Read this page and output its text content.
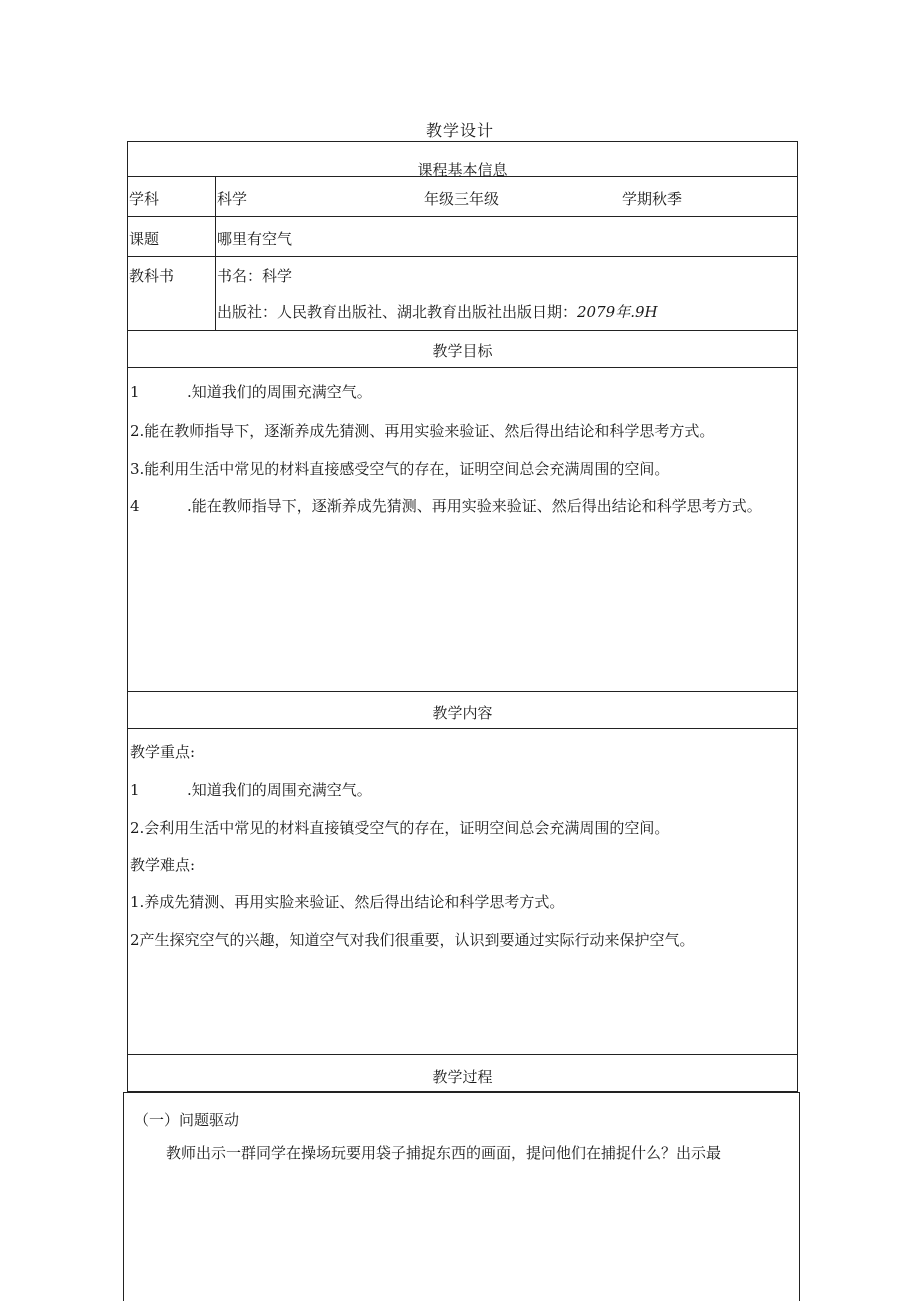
教学设计
课程基本信息
学科	科学	年级三年级	学期秋季
课题	哪里有空气
教科书	书名：科学
出版社：人民教育出版社、湖北教育出版社出版日期：2079年.9H
教学目标
1	.知道我们的周围充满空气。
2.能在教师指导下，逐渐养成先猜测、再用实验来验证、然后得出结论和科学思考方式。
3.能利用生活中常见的材料直接感受空气的存在，证明空间总会充满周围的空间。
4	.能在教师指导下，逐渐养成先猜测、再用实验来验证、然后得出结论和科学思考方式。
教学内容
教学重点:
1	.知道我们的周围充满空气。
2.会利用生活中常见的材料直接镇受空气的存在，证明空间总会充满周围的空间。
教学难点:
1.养成先猜测、再用实脸来验证、然后得出结论和科学思考方式。
2产生探究空气的兴趣，知道空气对我们很重要，认识到要通过实际行动来保护空气。
教学过程
（一）问题驱动
教师出示一群同学在操场玩要用袋子捕捉东西的画面，提问他们在捕捉什么？出示最
